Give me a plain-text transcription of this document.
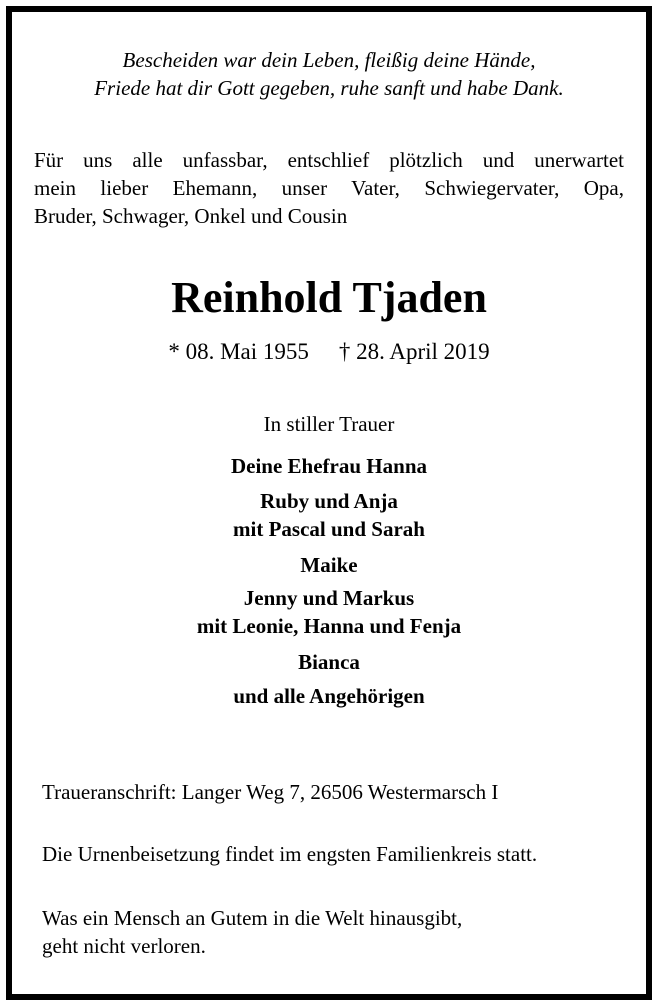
Bescheiden war dein Leben, fleißig deine Hände,
Friede hat dir Gott gegeben, ruhe sanft und habe Dank.
Für uns alle unfassbar, entschlief plötzlich und unerwartet
mein lieber Ehemann, unser Vater, Schwiegervater, Opa,
Bruder, Schwager, Onkel und Cousin
Reinhold Tjaden
* 08. Mai 1955 † 28. April 2019
In stiller Trauer
Deine Ehefrau Hanna
Ruby und Anja
mit Pascal und Sarah
Maike
Jenny und Markus
mit Leonie, Hanna und Fenja
Bianca
und alle Angehörigen
Traueranschrift: Langer Weg 7, 26506 Westermarsch I
Die Urnenbeisetzung findet im engsten Familienkreis statt.
Was ein Mensch an Gutem in die Welt hinausgibt,
geht nicht verloren.
